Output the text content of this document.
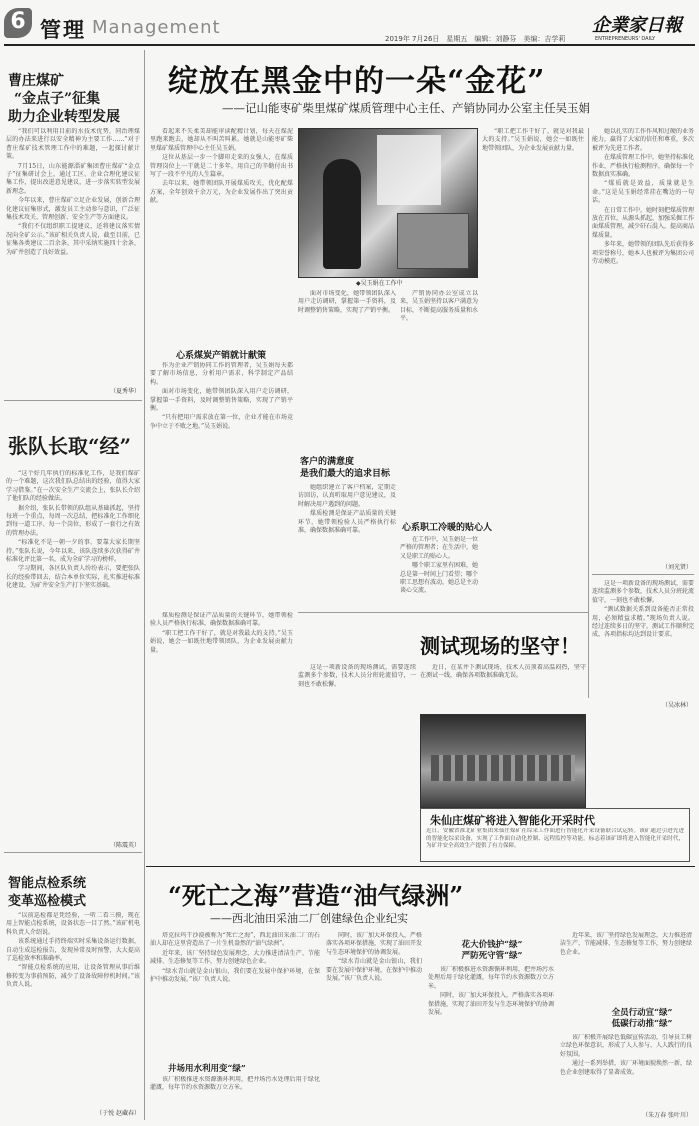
6 管理 Management
2019年 7月26日　星期五　编辑：刘静芬　美编：吉学莉
企業家日報
ENTREPRENEURS' DAILY
曹庄煤矿
“金点子”征集
助力企业转型发展

“我们可以利用目前的水技术优势，同治理煤层的办法来进行以安全精神为主要工作……”对于曹庄煤矿技术管理工作中的难题，一起探讨献计策。

7月15日，山东能源淄矿集团曹庄煤矿“金点子”征集研讨会上，通过工区、企业合理化建议征集工作，提出改进意见建议，进一步落实转型发展新理念。

今年以来，曹庄煤矿立足企业发展，创新合理化建议征集形式，激发员工主动参与意识，广泛征集技术攻关、管理创新、安全生产等方面建议。

“我们不仅组织职工提建议，还将建议落实情况向全矿公示。”该矿相关负责人说，截至目前，已征集各类建议二百余条，其中采纳实施四十余条，为矿井创造了良好效益。

（夏秀华）
张队长取“经”

“这个好几年执行的标准化工作，是我们煤矿的一个难题，这次我们队总结出的经验，值得大家学习借鉴。”在一次安全生产交流会上，张队长介绍了他们队的经验做法。

据介绍，张队长带领的队组从基础抓起，坚持每班一个重点，每周一次总结，把标准化工作细化到每一道工序、每一个岗位，形成了一套行之有效的管理办法。

“标准化不是一朝一夕的事，要靠大家长期坚持。”张队长说，今年以来，该队连续多次获得矿井标准化评比第一名，成为全矿学习的榜样。

学习期间，各区队负责人纷纷表示，要把张队长的经验带回去，结合本单位实际，扎实推进标准化建设，为矿井安全生产打下坚实基础。

（陈震英）
智能点检系统
变革巡检模式

“以前巡检都是凭经验，一听二看三摸，现在用上智能点检系统，设备状态一目了然。”该矿机电科负责人介绍说。

该系统通过手持终端实时采集设备运行数据，自动生成巡检报告，发现异常及时预警，大大提高了巡检效率和准确率。

“智能点检系统的应用，让设备管理从事后维修转变为事前预防，减少了设备故障停机时间。”该负责人说。

（于悦 赵藏春）
绽放在黑金中的一朵“金花”
——记山能枣矿柴里煤矿煤质管理中心主任、产销协同办公室主任吴玉娟
◆吴玉娟在工作中

看起来不失柔美却能审读配精计划，每天在煤泥里跑来跑去，她却从不叫苦叫累。她就是山能枣矿柴里煤矿煤质管理中心主任吴玉娟。

这位从基层一步一个脚印走来的女强人，在煤质管理岗位上一干就是二十多年，用自己的辛勤付出书写了一段不平凡的人生篇章。

去年以来，她带领团队开展煤质攻关，优化配煤方案，全年创效千余万元，为企业发展作出了突出贡献。

心系煤炭产销就计献策

作为企业产销协同工作的管理者，吴玉娟每天都要了解市场信息，分析用户需求，科学制定产品结构。

面对市场变化，她带领团队深入用户走访调研，掌握第一手资料，及时调整销售策略，实现了产销平衡。

“只有把用户需求放在第一位，企业才能在市场竞争中立于不败之地。”吴玉娟说。

面对市场变化，她带领团队深入用户走访调研，掌握第一手资料，及时调整销售策略，实现了产销平衡。

产销协同办公室成立以来，吴玉娟坚持以客户满意为目标，不断提高服务质量和水平。

客户的满意度
是我们最大的追求目标

她组织建立了客户档案，定期走访回访，认真听取用户意见建议，及时解决用户遇到的问题。

煤质检测是保证产品质量的关键环节，她带领检验人员严格执行标准，确保数据准确可靠。	心系职工冷暖的贴心人

在工作中，吴玉娟是一位严格的管理者；在生活中，她又是职工的贴心人。

哪个职工家里有困难，她总是第一时间上门看望；哪个职工思想有波动，她总是主动谈心交流。

“职工把工作干好了，就是对我最大的支持。”吴玉娟说，她会一如既往地带领团队，为企业发展贡献力量。

她以扎实的工作作风和过硬的业务能力，赢得了大家的信任和尊重，多次被评为先进工作者。

在煤质管理工作中，她坚持标准化作业，严格执行检测程序，确保每一个数据真实准确。

“煤质就是效益，质量就是生命。”这是吴玉娟经常挂在嘴边的一句话。

在日常工作中，她时刻把煤质管理放在首位，从源头抓起，加强采掘工作面煤质管理，减少矸石混入，提高商品煤质量。

多年来，她带领的团队先后获得多项荣誉称号，她本人也被评为集团公司劳动模范。

（刘光贤）
测试现场的坚守！

近日，在某井下测试现场，技术人员顶着高温闷热，坚守在测试一线，确保各项数据准确无误。

这是一项新设备的现场测试，需要连续监测多个参数，技术人员分班轮流值守，一刻也不敢松懈。

“测试数据关系到设备能否正常投用，必须精益求精。”现场负责人说。经过连续多日的坚守，测试工作顺利完成，各项指标均达到设计要求。

（吴冰林）

煤质检测是保证产品质量的关键环节，她带领检验人员严格执行标准，确保数据准确可靠。

“职工把工作干好了，就是对我最大的支持。”吴玉娟说，她会一如既往地带领团队，为企业发展贡献力量。

这是一项新设备的现场测试，需要连续监测多个参数，技术人员分班轮流值守，一刻也不敢松懈。

朱仙庄煤矿将进入智能化开采时代
近日，安徽省淮北矿业集团朱仙庄煤矿在综采工作面进行智能化开采设备联合试运转。该矿通过引进先进的智能化综采设备，实现了工作面自动化控制、远程监控等功能，标志着该矿即将进入智能化开采时代，为矿井安全高效生产提供了有力保障。
“死亡之海”营造“油气绿洲”
——西北油田采油二厂创建绿色企业纪实

塔克拉玛干沙漠被称为“死亡之海”，西北油田采油二厂的石油人却在这里营造出了一片生机盎然的“油气绿洲”。

近年来，该厂坚持绿色发展理念，大力推进清洁生产、节能减排、生态修复等工作，努力创建绿色企业。

“绿水青山就是金山银山，我们要在发展中保护环境，在保护中推动发展。”该厂负责人说。

井场用水利用变“绿”

该厂积极推进水资源循环利用，把井场污水处理后用于绿化灌溉，每年节约水资源数万立方米。

同时，该厂加大环保投入，严格落实各项环保措施，实现了油田开发与生态环境保护的协调发展。

“绿水青山就是金山银山，我们要在发展中保护环境，在保护中推动发展。”该厂负责人说。

花大价钱护“绿”
严防死守管“绿”

该厂积极推进水资源循环利用，把井场污水处理后用于绿化灌溉，每年节约水资源数万立方米。

同时，该厂加大环保投入，严格落实各项环保措施，实现了油田开发与生态环境保护的协调发展。	全员行动宣“绿”
低碳行动推“绿”

近年来，该厂坚持绿色发展理念，大力推进清洁生产、节能减排、生态修复等工作，努力创建绿色企业。

该厂积极开展绿色低碳宣传活动，引导员工树立绿色环保意识，形成了人人参与、人人践行的良好氛围。

通过一系列举措，该厂环境面貌焕然一新，绿色企业创建取得了显著成效。

（朱万春 张叶川）
